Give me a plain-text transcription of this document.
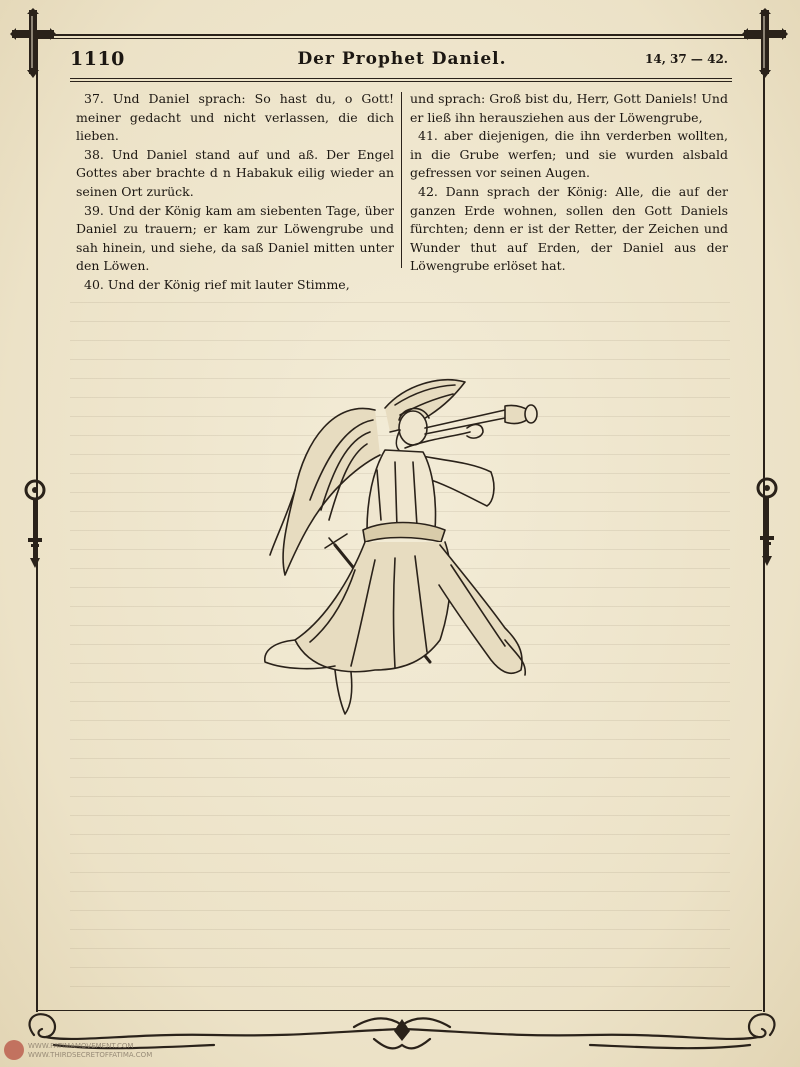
1110	Der Prophet Daniel.	14, 37 — 42.

37. Und Daniel sprach: So hast du, o Gott! meiner gedacht und nicht verlassen, die dich lieben.

38. Und Daniel stand auf und aß. Der Engel Gottes aber brachte d n Habakuk eilig wieder an seinen Ort zurück.

39. Und der König kam am siebenten Tage, über Daniel zu trauern; er kam zur Löwengrube und sah hinein, und siehe, da saß Daniel mitten unter den Löwen.

40. Und der König rief mit lauter Stimme,

und sprach: Groß bist du, Herr, Gott Daniels! Und er ließ ihn herausziehen aus der Löwengrube,

41. aber diejenigen, die ihn verderben wollten, in die Grube werfen; und sie wurden alsbald gefressen vor seinen Augen.

42. Dann sprach der König: Alle, die auf der ganzen Erde wohnen, sollen den Gott Daniels fürchten; denn er ist der Retter, der Zeichen und Wunder thut auf Erden, der Daniel aus der Löwengrube erlöset hat.

WWW.FATIMAMOVEMENT.COM
WWW.THIRDSECRETOFFATIMA.COM
